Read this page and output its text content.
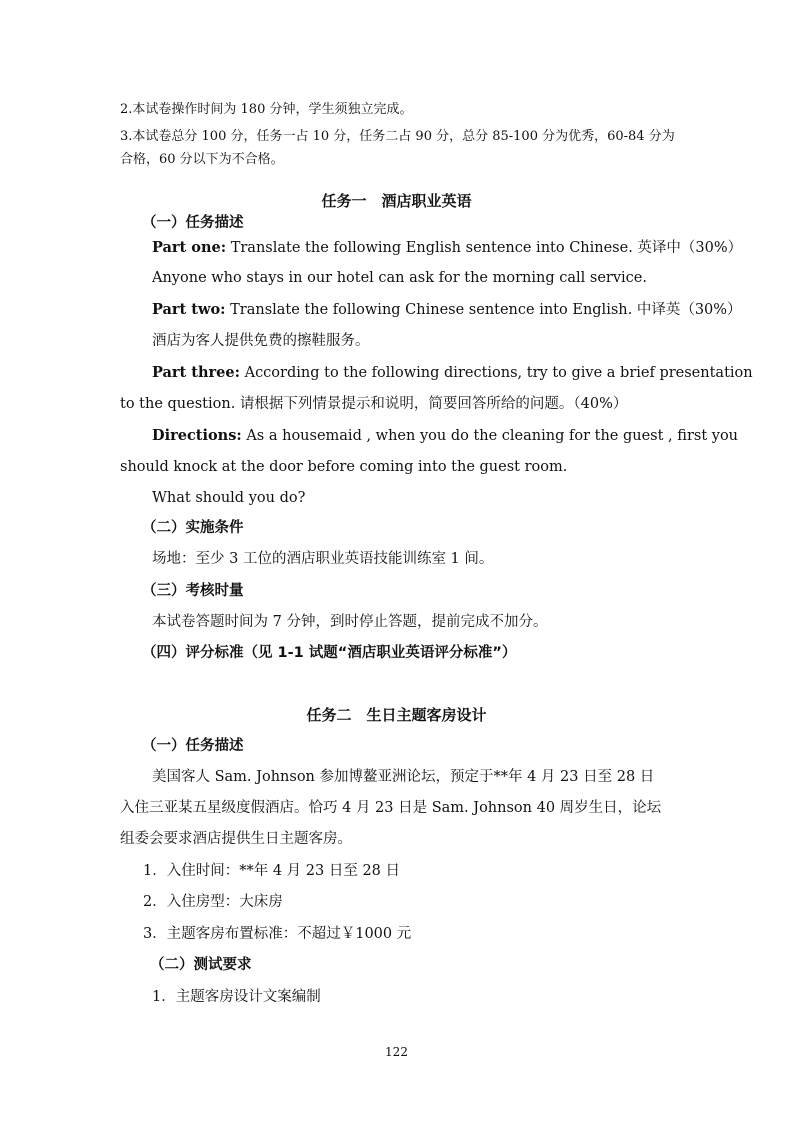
2.本试卷操作时间为 180 分钟，学生须独立完成。
3.本试卷总分 100 分，任务一占 10 分，任务二占 90 分，总分 85-100 分为优秀，60-84 分为
合格，60 分以下为不合格。
任务一　酒店职业英语
（一）任务描述
Part one: Translate the following English sentence into Chinese. 英译中（30%）
Anyone who stays in our hotel can ask for the morning call service.
Part two: Translate the following Chinese sentence into English. 中译英（30%）
酒店为客人提供免费的擦鞋服务。
Part three: According to the following directions, try to give a brief presentation
to the question. 请根据下列情景提示和说明，简要回答所给的问题。（40%）
Directions: As a housemaid , when you do the cleaning for the guest , first you
should knock at the door before coming into the guest room.
What should you do?
（二）实施条件
场地：至少 3 工位的酒店职业英语技能训练室 1 间。
（三）考核时量
本试卷答题时间为 7 分钟，到时停止答题，提前完成不加分。
（四）评分标准（见 1-1 试题“酒店职业英语评分标准”）
任务二　生日主题客房设计
（一）任务描述
美国客人 Sam. Johnson 参加博鳌亚洲论坛，预定于**年 4 月 23 日至 28 日
入住三亚某五星级度假酒店。恰巧 4 月 23 日是 Sam. Johnson 40 周岁生日，论坛
组委会要求酒店提供生日主题客房。
1．入住时间：**年 4 月 23 日至 28 日
2．入住房型：大床房
3．主题客房布置标准：不超过￥1000 元
（二）测试要求
1．主题客房设计文案编制
122
